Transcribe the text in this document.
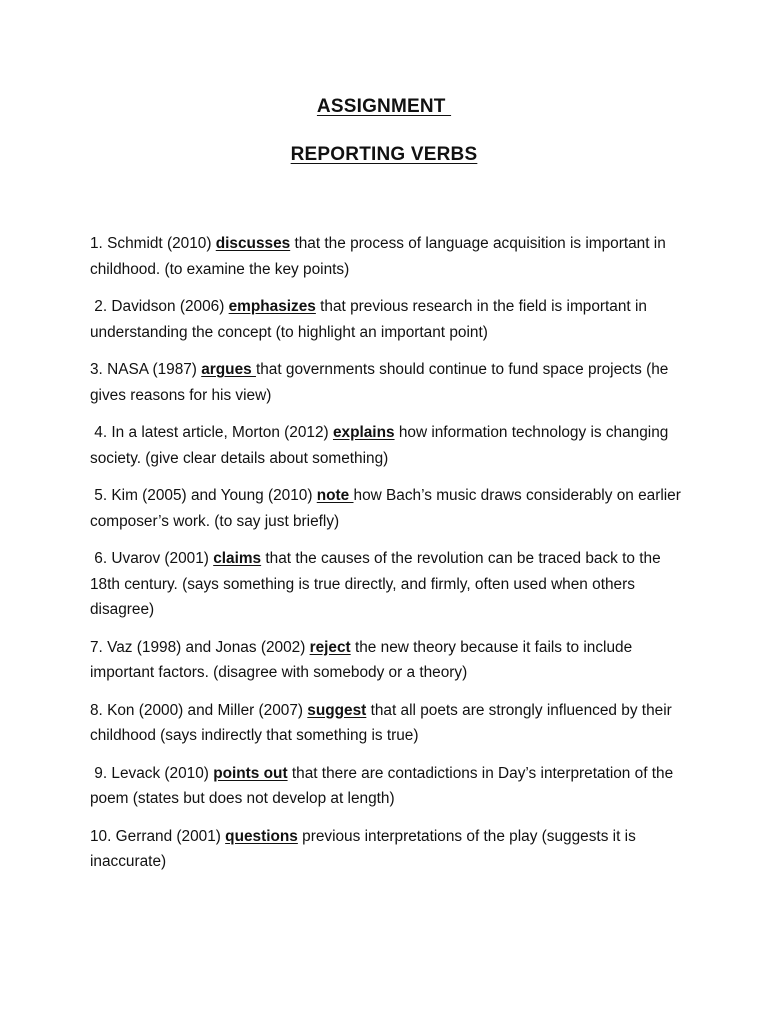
ASSIGNMENT
REPORTING VERBS

1. Schmidt (2010) discusses that the process of language acquisition is important in childhood. (to examine the key points)

2. Davidson (2006) emphasizes that previous research in the field is important in understanding the concept (to highlight an important point)

3. NASA (1987) argues that governments should continue to fund space projects (he gives reasons for his view)

4. In a latest article, Morton (2012) explains how information technology is changing society. (give clear details about something)

5. Kim (2005) and Young (2010) note how Bach’s music draws considerably on earlier composer’s work. (to say just briefly)

6. Uvarov (2001) claims that the causes of the revolution can be traced back to the 18th century. (says something is true directly, and firmly, often used when others disagree)

7. Vaz (1998) and Jonas (2002) reject the new theory because it fails to include important factors. (disagree with somebody or a theory)

8. Kon (2000) and Miller (2007) suggest that all poets are strongly influenced by their childhood (says indirectly that something is true)

9. Levack (2010) points out that there are contadictions in Day’s interpretation of the poem (states but does not develop at length)

10. Gerrand (2001) questions previous interpretations of the play (suggests it is inaccurate)
